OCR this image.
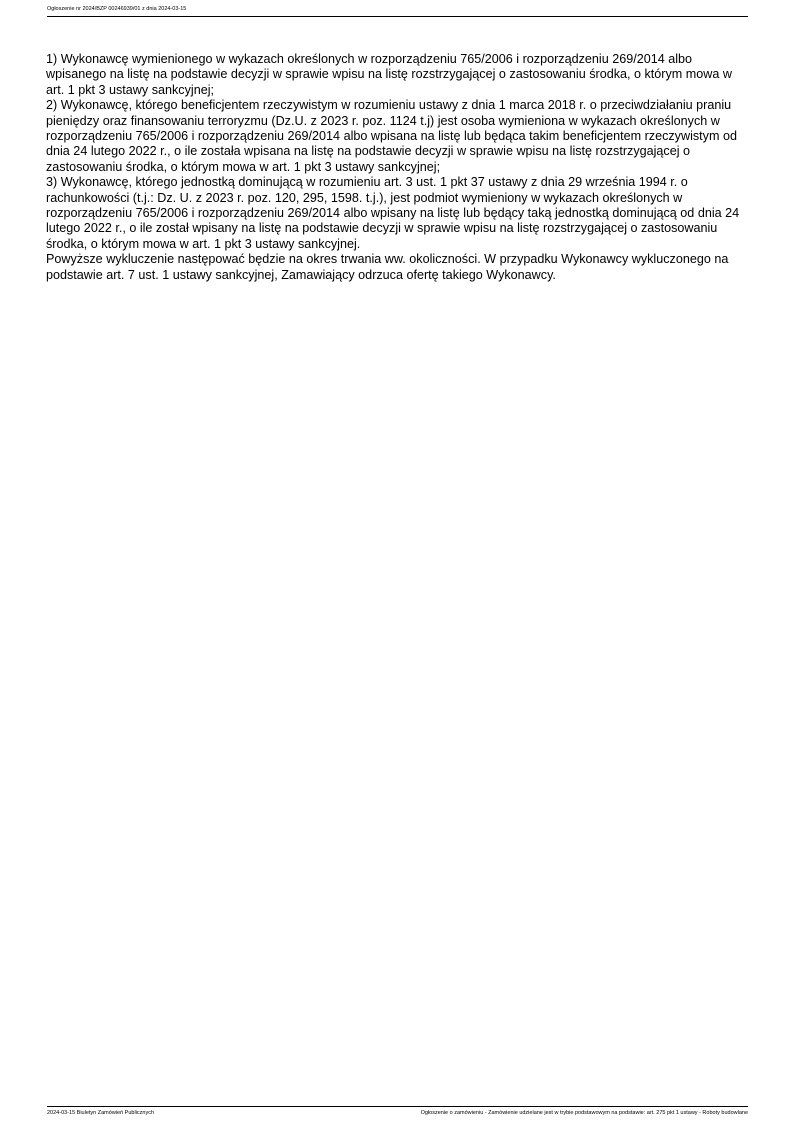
Ogłoszenie nr 2024/BZP 00246939/01 z dnia 2024-03-15

1) Wykonawcę wymienionego w wykazach określonych w rozporządzeniu 765/2006 i rozporządzeniu 269/2014 albo wpisanego na listę na podstawie decyzji w sprawie wpisu na listę rozstrzygającej o zastosowaniu środka, o którym mowa w art. 1 pkt 3 ustawy sankcyjnej;

2) Wykonawcę, którego beneficjentem rzeczywistym w rozumieniu ustawy z dnia 1 marca 2018 r. o przeciwdziałaniu praniu pieniędzy oraz finansowaniu terroryzmu (Dz.U. z 2023 r. poz. 1124 t.j) jest osoba wymieniona w wykazach określonych w rozporządzeniu 765/2006 i rozporządzeniu 269/2014 albo wpisana na listę lub będąca takim beneficjentem rzeczywistym od dnia 24 lutego 2022 r., o ile została wpisana na listę na podstawie decyzji w sprawie wpisu na listę rozstrzygającej o zastosowaniu środka, o którym mowa w art. 1 pkt 3 ustawy sankcyjnej;

3) Wykonawcę, którego jednostką dominującą w rozumieniu art. 3 ust. 1 pkt 37 ustawy z dnia 29 września 1994 r. o rachunkowości (t.j.: Dz. U. z 2023 r. poz. 120, 295, 1598. t.j.), jest podmiot wymieniony w wykazach określonych w rozporządzeniu 765/2006 i rozporządzeniu 269/2014 albo wpisany na listę lub będący taką jednostką dominującą od dnia 24 lutego 2022 r., o ile został wpisany na listę na podstawie decyzji w sprawie wpisu na listę rozstrzygającej o zastosowaniu środka, o którym mowa w art. 1 pkt 3 ustawy sankcyjnej.

Powyższe wykluczenie następować będzie na okres trwania ww. okoliczności. W przypadku Wykonawcy wykluczonego na podstawie art. 7 ust. 1 ustawy sankcyjnej, Zamawiający odrzuca ofertę takiego Wykonawcy.

2024-03-15 Biuletyn Zamówień Publicznych	Ogłoszenie o zamówieniu - Zamówienie udzielane jest w trybie podstawowym na podstawie: art. 275 pkt 1 ustawy - Roboty budowlane
